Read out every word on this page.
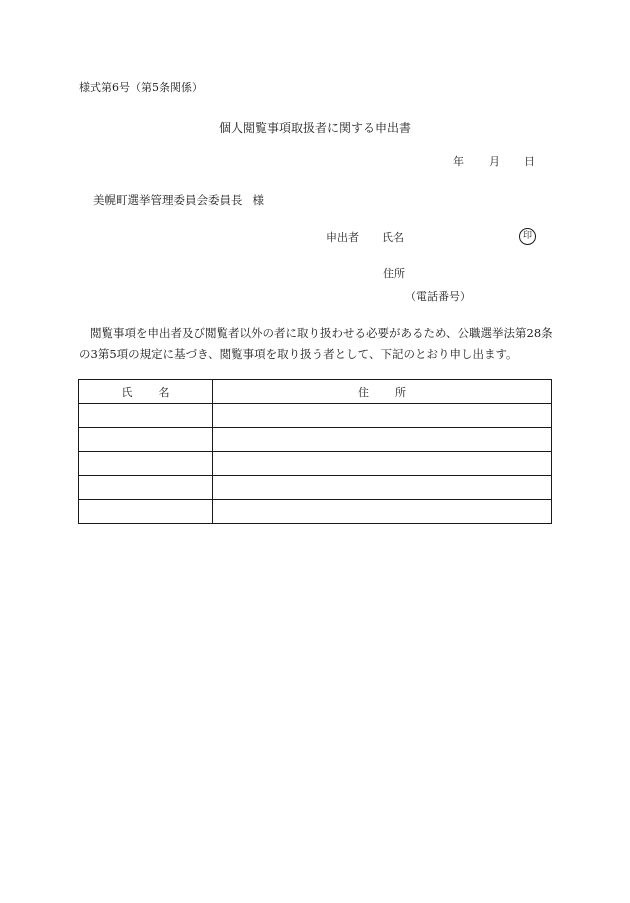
様式第6号（第5条関係）
個人閲覧事項取扱者に関する申出書
年 月 日
美幌町選挙管理委員会委員長 様
申出者 氏名	印
住所
（電話番号）
閲覧事項を申出者及び閲覧者以外の者に取り扱わせる必要があるため、公職選挙法第28条の3第5項の規定に基づき、閲覧事項を取り扱う者として、下記のとおり申し出ます。
氏 名	住 所
